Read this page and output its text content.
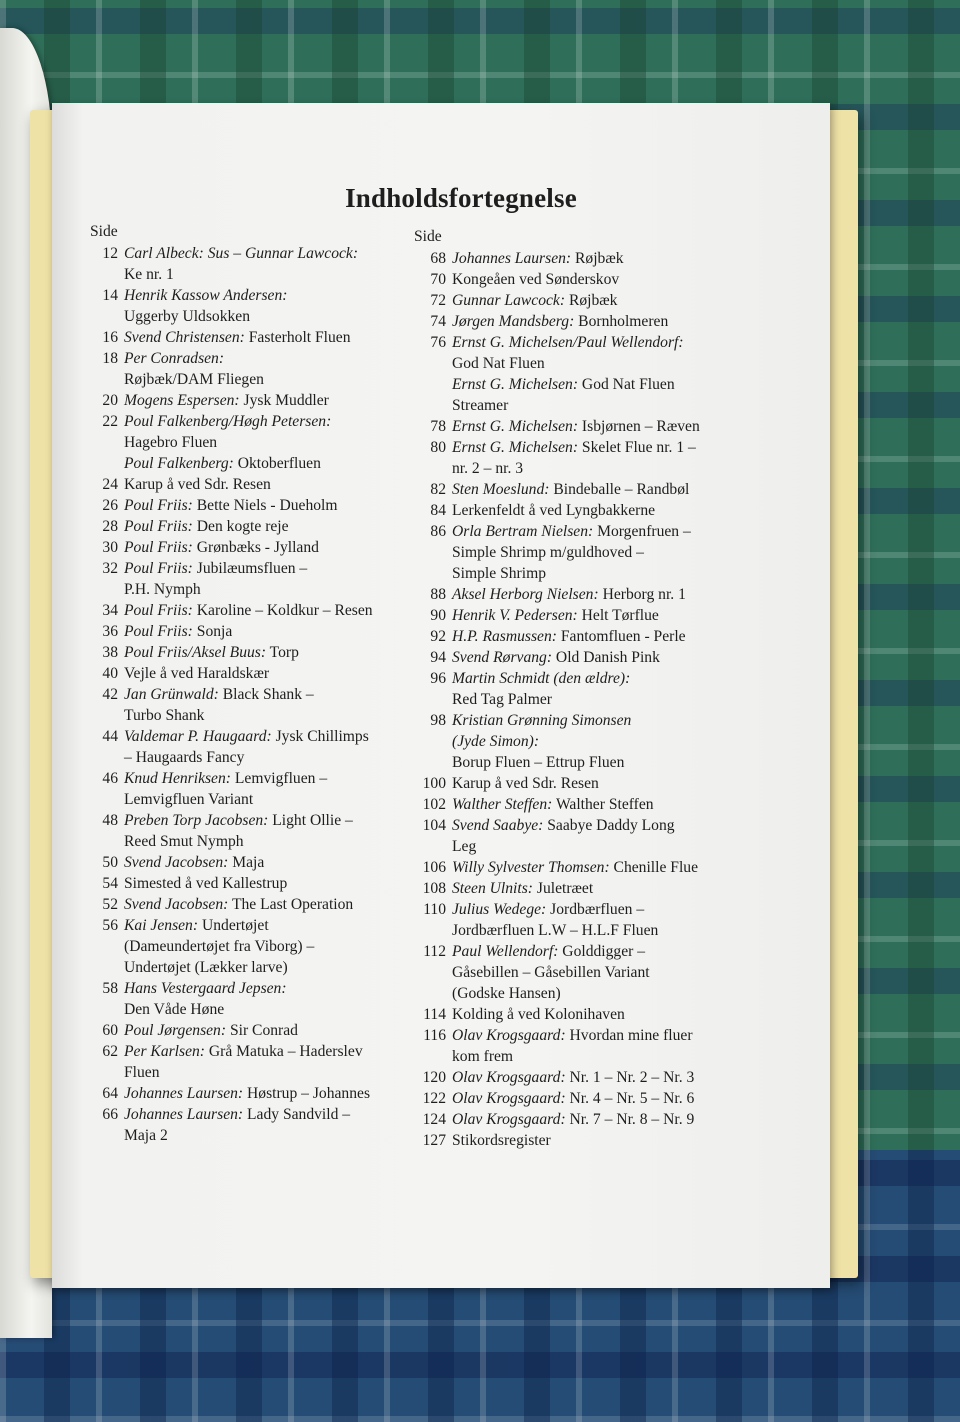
Indholdsfortegnelse
Side
12 Carl Albeck: Sus – Gunnar Lawcock:
Ke nr. 1
14 Henrik Kassow Andersen:
Uggerby Uldsokken
16 Svend Christensen: Fasterholt Fluen
18 Per Conradsen:
Røjbæk/DAM Fliegen
20 Mogens Espersen: Jysk Muddler
22 Poul Falkenberg/Høgh Petersen:
Hagebro Fluen
Poul Falkenberg: Oktoberfluen
24 Karup å ved Sdr. Resen
26 Poul Friis: Bette Niels - Dueholm
28 Poul Friis: Den kogte reje
30 Poul Friis: Grønbæks - Jylland
32 Poul Friis: Jubilæumsfluen –
P.H. Nymph
34 Poul Friis: Karoline – Koldkur – Resen
36 Poul Friis: Sonja
38 Poul Friis/Aksel Buus: Torp
40 Vejle å ved Haraldskær
42 Jan Grünwald: Black Shank –
Turbo Shank
44 Valdemar P. Haugaard: Jysk Chillimps
– Haugaards Fancy
46 Knud Henriksen: Lemvigfluen –
Lemvigfluen Variant
48 Preben Torp Jacobsen: Light Ollie –
Reed Smut Nymph
50 Svend Jacobsen: Maja
54 Simested å ved Kallestrup
52 Svend Jacobsen: The Last Operation
56 Kai Jensen: Undertøjet
(Dameundertøjet fra Viborg) –
Undertøjet (Lække​r larve)
58 Hans Vestergaard Jepsen:
Den Våde Høne
60 Poul Jørgensen: Sir Conrad
62 Per Karlsen: Grå Matuka – Haderslev
Fluen
64 Johannes Laursen: Høstrup – Johannes
66 Johannes Laursen: Lady Sandvild –
Maja 2
Side
68 Johannes Laursen: Røjbæk
70 Kongeåen ved Sønderskov
72 Gunnar Lawcock: Røjbæk
74 Jørgen Mandsberg: Bornholmeren
76 Ernst G. Michelsen/Paul Wellendorf:
God Nat Fluen
Ernst G. Michelsen: God Nat Fluen
Streamer
78 Ernst G. Michelsen: Isbjørnen – Ræven
80 Ernst G. Michelsen: Skelet Flue nr. 1 –
nr. 2 – nr. 3
82 Sten Moeslund: Bindeballe – Randbøl
84 Lerkenfeldt å ved Lyngbakkerne
86 Orla Bertram Nielsen: Morgenfruen –
Simple Shrimp m/guldhoved –
Simple Shrimp
88 Aksel Herborg Nielsen: Herborg nr. 1
90 Henrik V. Pedersen: Helt Tørflue
92 H.P. Rasmussen: Fantomfluen - Perle
94 Svend Rørvang: Old Danish Pink
96 Martin Schmidt (den ældre):
Red Tag Palmer
98 Kristian Grønning Simonsen
(Jyde Simon):
Borup Fluen – Ettrup Fluen
100 Karup å ved Sdr. Resen
102 Walther Steffen: Walther Steffen
104 Svend Saabye: Saabye Daddy Long
Leg
106 Willy Sylvester Thomsen: Chenille Flue
108 Steen Ulnits: Juletræet
110 Julius Wedege: Jordbærfluen –
Jordbærfluen L.W – H.L.F Fluen
112 Paul Wellendorf: Golddigger –
Gåsebillen – Gåsebillen Variant
(Godske Hansen)
114 Kolding å ved Kolonihaven
116 Olav Krogsgaard: Hvordan mine fluer
kom frem
120 Olav Krogsgaard: Nr. 1 – Nr. 2 – Nr. 3
122 Olav Krogsgaard: Nr. 4 – Nr. 5 – Nr. 6
124 Olav Krogsgaard: Nr. 7 – Nr. 8 – Nr. 9
127 Stikordsregister
